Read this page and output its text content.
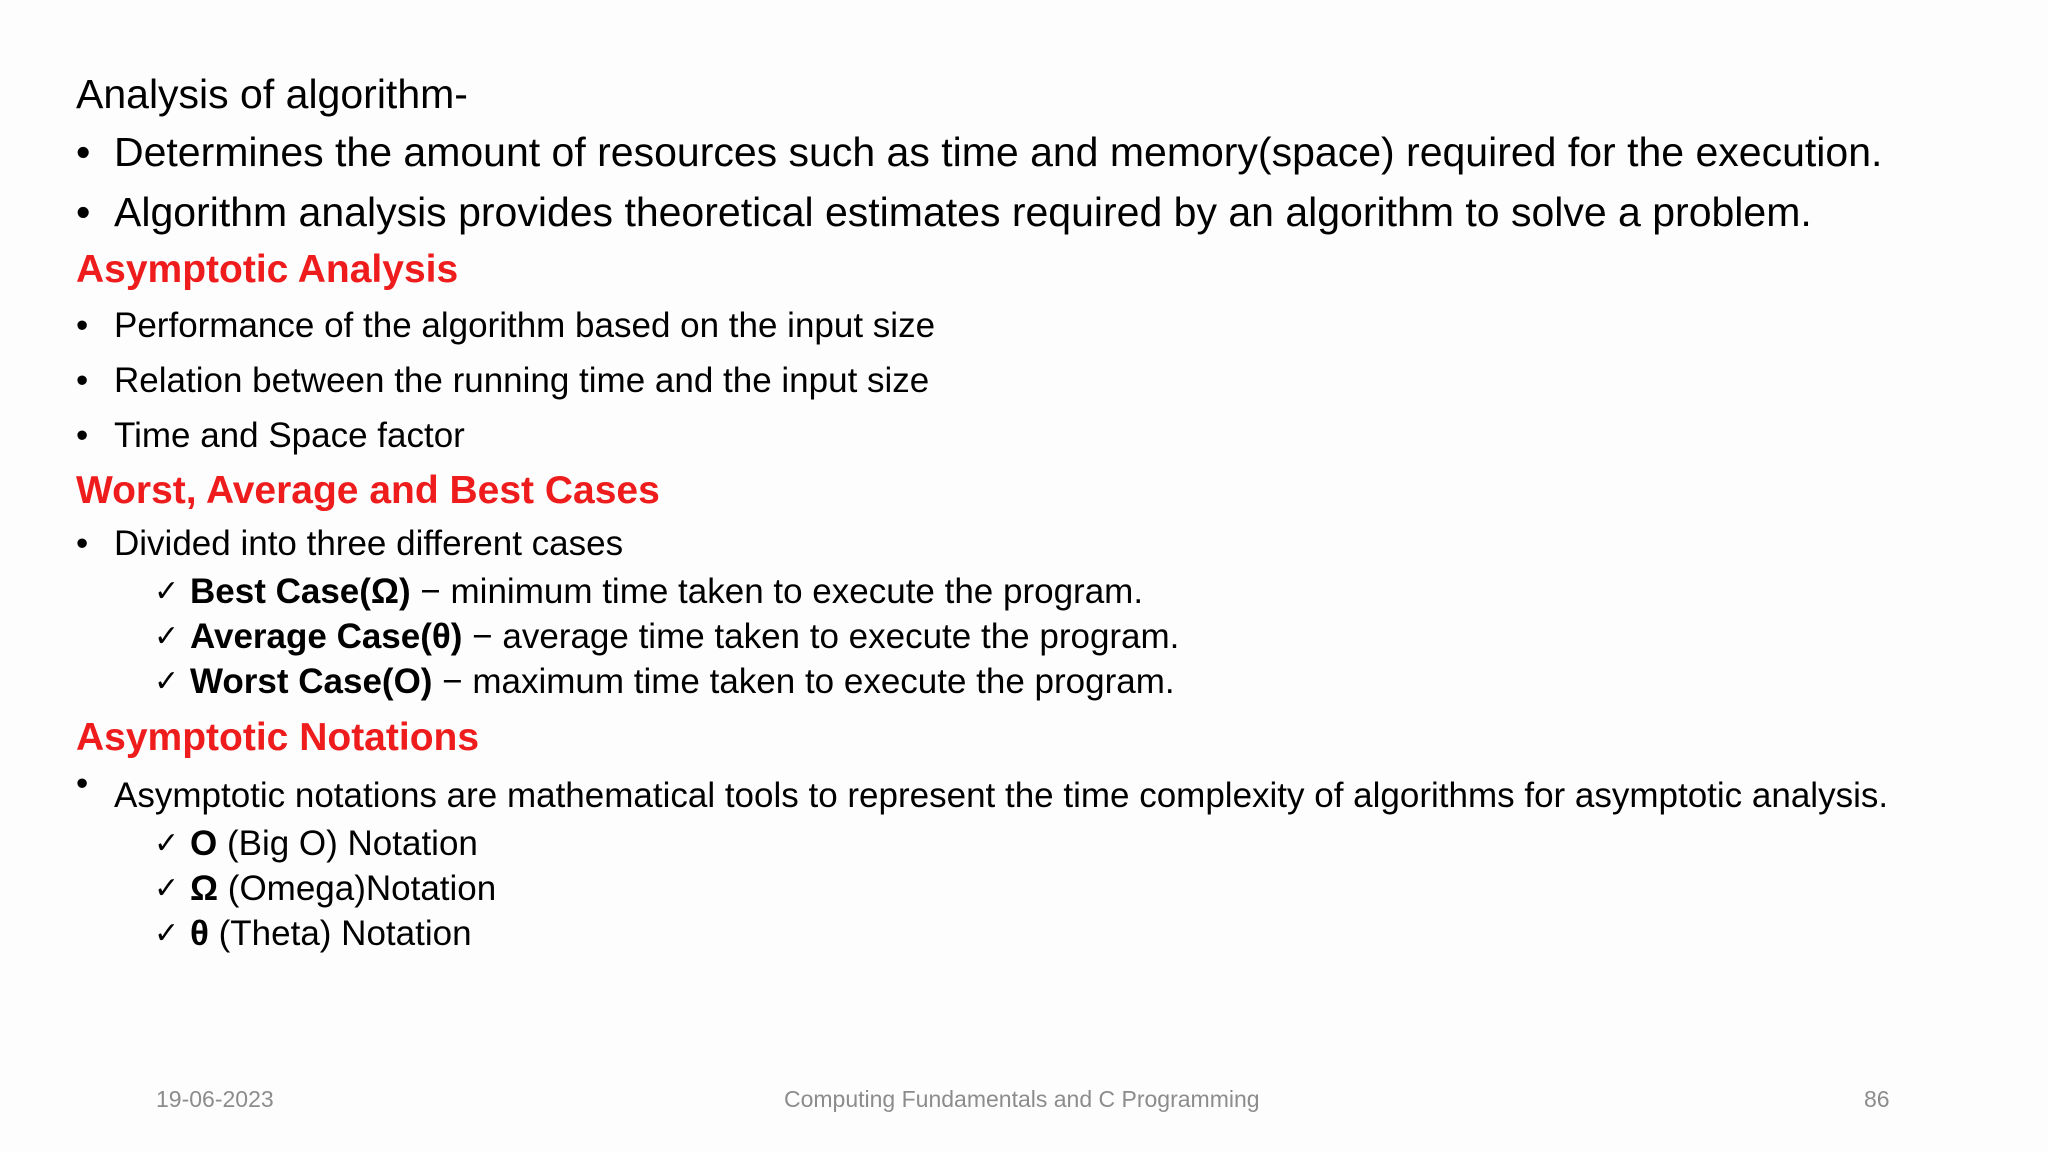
Analysis of algorithm-
• Determines the amount of resources such as time and memory(space) required for the execution.
• Algorithm analysis provides theoretical estimates required by an algorithm to solve a problem.
Asymptotic Analysis
• Performance of the algorithm based on the input size
• Relation between the running time and the input size
• Time and Space factor
Worst, Average and Best Cases
• Divided into three different cases
✓ Best Case(Ω) − minimum time taken to execute the program.
✓ Average Case(θ) − average time taken to execute the program.
✓ Worst Case(O) − maximum time taken to execute the program.
Asymptotic Notations
• Asymptotic notations are mathematical tools to represent the time complexity of algorithms for asymptotic analysis.
✓ O (Big O) Notation
✓ Ω (Omega)Notation
✓ θ (Theta) Notation
19-06-2023	Computing Fundamentals and C Programming	86
